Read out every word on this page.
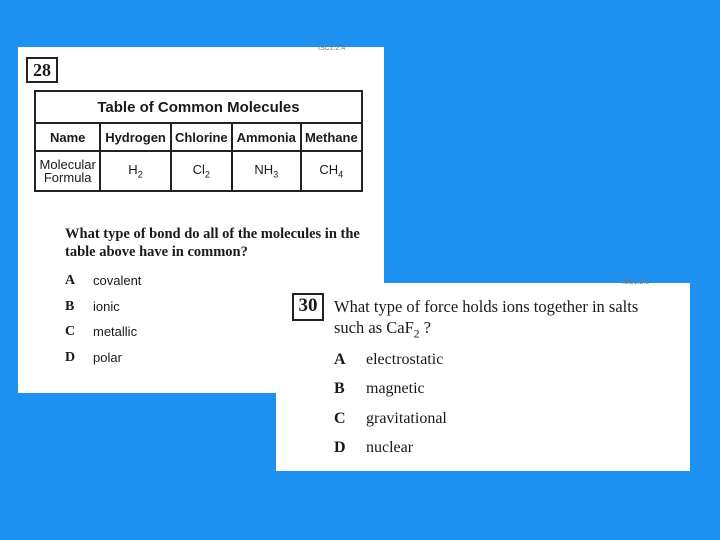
ISC1.2.4
28
Table of Common Molecules				
Name	Hydrogen	Chlorine	Ammonia	Methane
Molecular
Formula	$H_2$	$Cl_2$	$NH_3$	$CH_4$
What type of bond do all of the molecules in the
table above have in common?
A	covalent
B	ionic
C	metallic
D	polar
ISC1.2.6
30	What type of force holds ions together in salts
such as CaF$_2$ ?
A	electrostatic
B	magnetic
C	gravitational
D	nuclear
